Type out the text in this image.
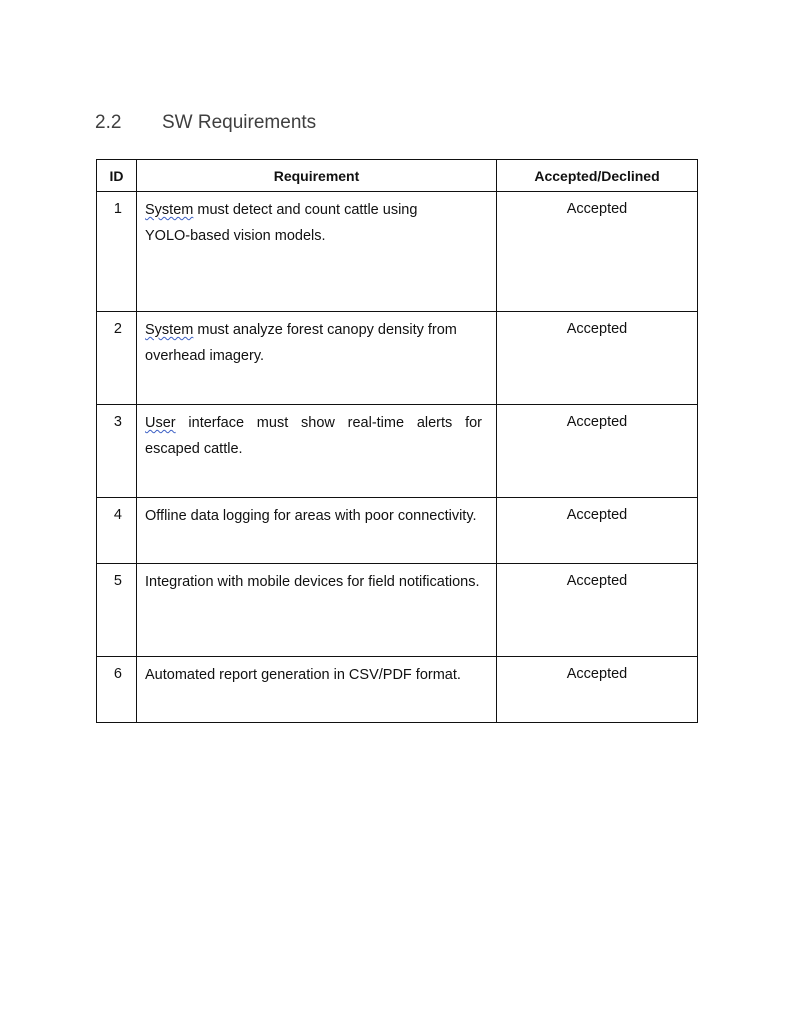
2.2 SW Requirements
ID	Requirement	Accepted/Declined
1	System must detect and count cattle using YOLO-based vision models.	Accepted
2	System must analyze forest canopy density from overhead imagery.	Accepted
3	User interface must show real-time alerts for escaped cattle.	Accepted
4	Offline data logging for areas with poor connectivity.	Accepted
5	Integration with mobile devices for field notifications.	Accepted
6	Automated report generation in CSV/PDF format.	Accepted
